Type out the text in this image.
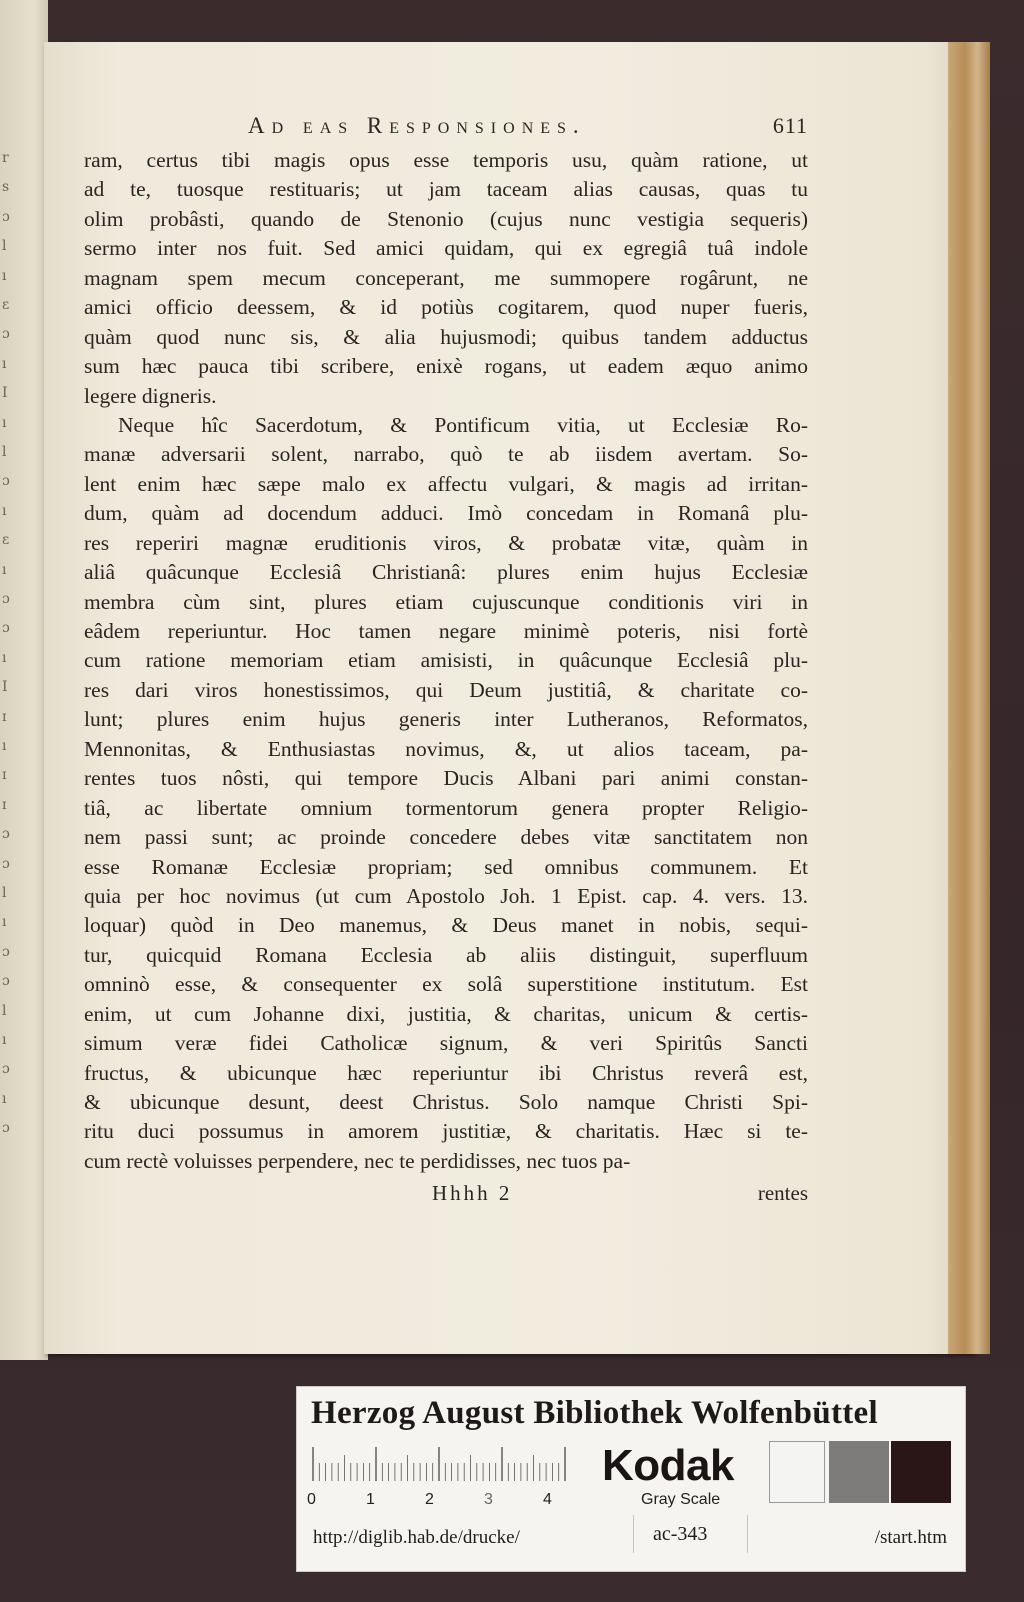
r
s
ɔ
l
ı
ɛ
ɔ
ı
I
ı
l
ɔ
ı
ɛ
ı
ɔ
ɔ
ı
I
ɪ
ı
ɪ
ɪ
ɔ
ɔ
l
ı
ɔ
ɔ
l
ı
ɔ
ı
ɔ
Ad eas Responsiones.	611
ram, certus tibi magis opus esse temporis usu, quàm ratione, ut
ad te, tuosque restituaris; ut jam taceam alias causas, quas tu
olim probâsti, quando de Stenonio (cujus nunc vestigia sequeris)
sermo inter nos fuit. Sed amici quidam, qui ex egregiâ tuâ indole
magnam spem mecum conceperant, me summopere rogârunt, ne
amici officio deessem, & id potiùs cogitarem, quod nuper fueris,
quàm quod nunc sis, & alia hujusmodi; quibus tandem adductus
sum hæc pauca tibi scribere, enixè rogans, ut eadem æquo animo
legere digneris.
Neque hîc Sacerdotum, & Pontificum vitia, ut Ecclesiæ Ro-
manæ adversarii solent, narrabo, quò te ab iisdem avertam. So-
lent enim hæc sæpe malo ex affectu vulgari, & magis ad irritan-
dum, quàm ad docendum adduci. Imò concedam in Romanâ plu-
res reperiri magnæ eruditionis viros, & probatæ vitæ, quàm in
aliâ quâcunque Ecclesiâ Christianâ: plures enim hujus Ecclesiæ
membra cùm sint, plures etiam cujuscunque conditionis viri in
eâdem reperiuntur. Hoc tamen negare minimè poteris, nisi fortè
cum ratione memoriam etiam amisisti, in quâcunque Ecclesiâ plu-
res dari viros honestissimos, qui Deum justitiâ, & charitate co-
lunt; plures enim hujus generis inter Lutheranos, Reformatos,
Mennonitas, & Enthusiastas novimus, &, ut alios taceam, pa-
rentes tuos nôsti, qui tempore Ducis Albani pari animi constan-
tiâ, ac libertate omnium tormentorum genera propter Religio-
nem passi sunt; ac proinde concedere debes vitæ sanctitatem non
esse Romanæ Ecclesiæ propriam; sed omnibus communem. Et
quia per hoc novimus (ut cum Apostolo Joh. 1 Epist. cap. 4. vers. 13.
loquar) quòd in Deo manemus, & Deus manet in nobis, sequi-
tur, quicquid Romana Ecclesia ab aliis distinguit, superfluum
omninò esse, & consequenter ex solâ superstitione institutum. Est
enim, ut cum Johanne dixi, justitia, & charitas, unicum & certis-
simum veræ fidei Catholicæ signum, & veri Spiritûs Sancti
fructus, & ubicunque hæc reperiuntur ibi Christus reverâ est,
& ubicunque desunt, deest Christus. Solo namque Christi Spi-
ritu duci possumus in amorem justitiæ, & charitatis. Hæc si te-
cum rectè voluisses perpendere, nec te perdidisses, nec tuos pa-
Hhhh 2	rentes
Herzog August Bibliothek Wolfenbüttel
0	1	2	3	4
Kodak
Gray Scale
http://diglib.hab.de/drucke/	ac-343	/start.htm
